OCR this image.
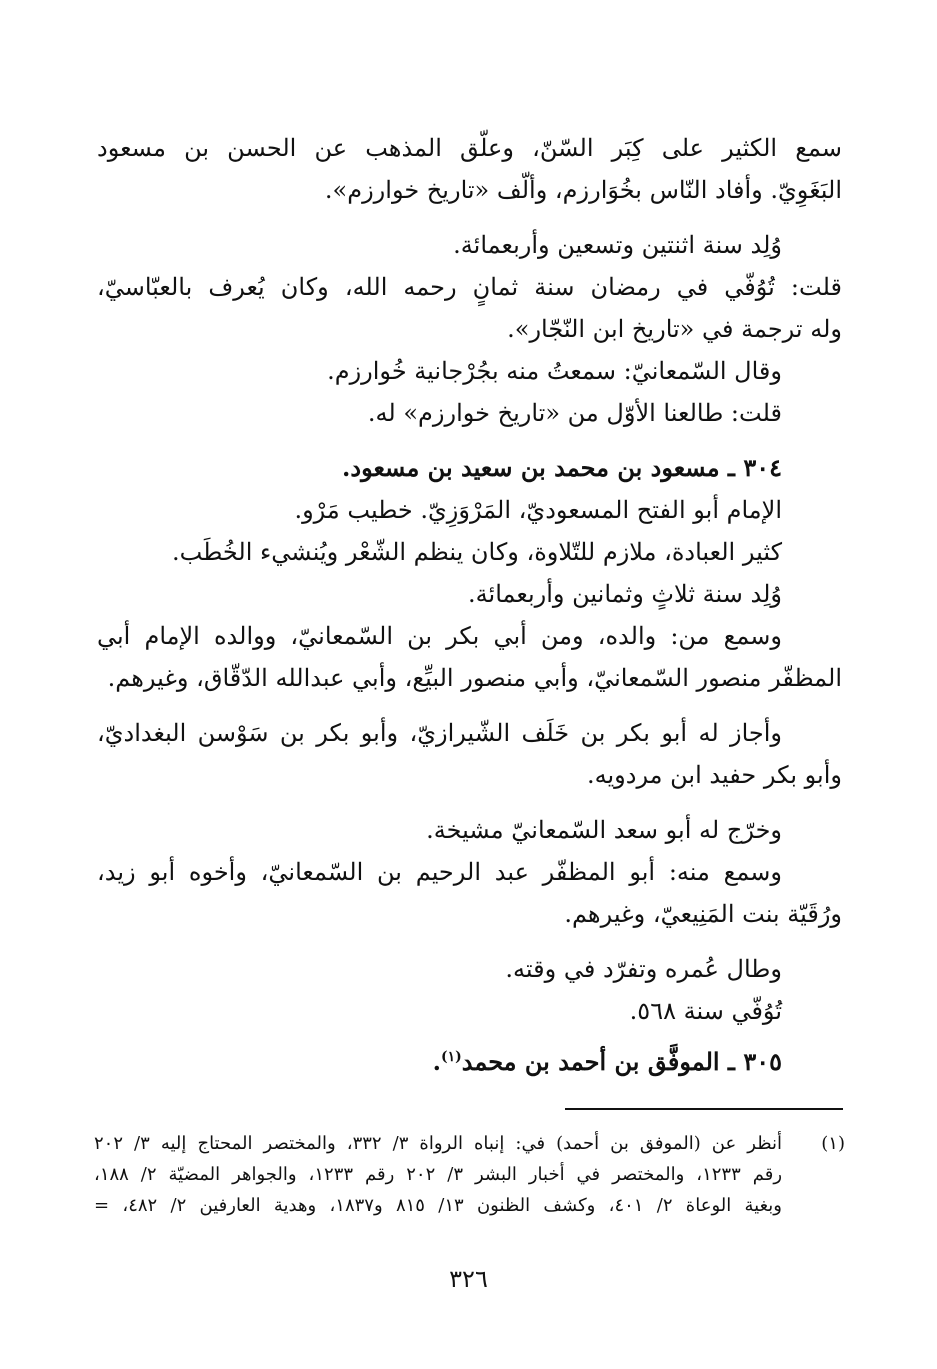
سمع الكثير على كِبَر السّنّ، وعلّق المذهب عن الحسن بن مسعود
البَغَوِيّ. وأفاد النّاس بخُوَارزم، وألّف «تاريخ خوارزم».
وُلِد سنة اثنتين وتسعين وأربعمائة.
قلت: تُوُفّي في رمضان سنة ثمانٍ رحمه الله، وكان يُعرف بالعبّاسيّ،
وله ترجمة في «تاريخ ابن النّجّار».
وقال السّمعانيّ: سمعتُ منه بجُرْجانية خُوارزم.
قلت: طالعنا الأوّل من «تاريخ خوارزم» له.
٣٠٤ ـ مسعود بن محمد بن سعيد بن مسعود.
الإمام أبو الفتح المسعوديّ، المَرْوَزِيّ. خطيب مَرْو.
كثير العبادة، ملازم للتّلاوة، وكان ينظم الشّعْر ويُنشيء الخُطَب.
وُلِد سنة ثلاثٍ وثمانين وأربعمائة.
وسمع من: والده، ومن أبي بكر بن السّمعانيّ، ووالده الإمام أبي
المظفّر منصور السّمعانيّ، وأبي منصور البيِّع، وأبي عبدالله الدّقّاق، وغيرهم.
وأجاز له أبو بكر بن خَلَف الشّيرازيّ، وأبو بكر بن سَوْسن البغداديّ،
وأبو بكر حفيد ابن مردويه.
وخرّج له أبو سعد السّمعانيّ مشيخة.
وسمع منه: أبو المظفّر عبد الرحيم بن السّمعانيّ، وأخوه أبو زيد،
ورُقَيّة بنت المَنِيعيّ، وغيرهم.
وطال عُمره وتفرّد في وقته.
تُوُفّي سنة ٥٦٨.
٣٠٥ ـ الموفَّق بن أحمد بن محمد$^{(١)}$.
(١)
أنظر عن (الموفق بن أحمد) في: إنباه الرواة ٣/ ٣٣٢، والمختصر المحتاج إليه ٣/ ٢٠٢
رقم ١٢٣٣، والمختصر في أخبار البشر ٣/ ٢٠٢ رقم ١٢٣٣، والجواهر المضيّة ٢/ ١٨٨،
وبغية الوعاة ٢/ ٤٠١، وكشف الظنون ١٣/ ٨١٥ و١٨٣٧، وهدية العارفين ٢/ ٤٨٢، =
٣٢٦
